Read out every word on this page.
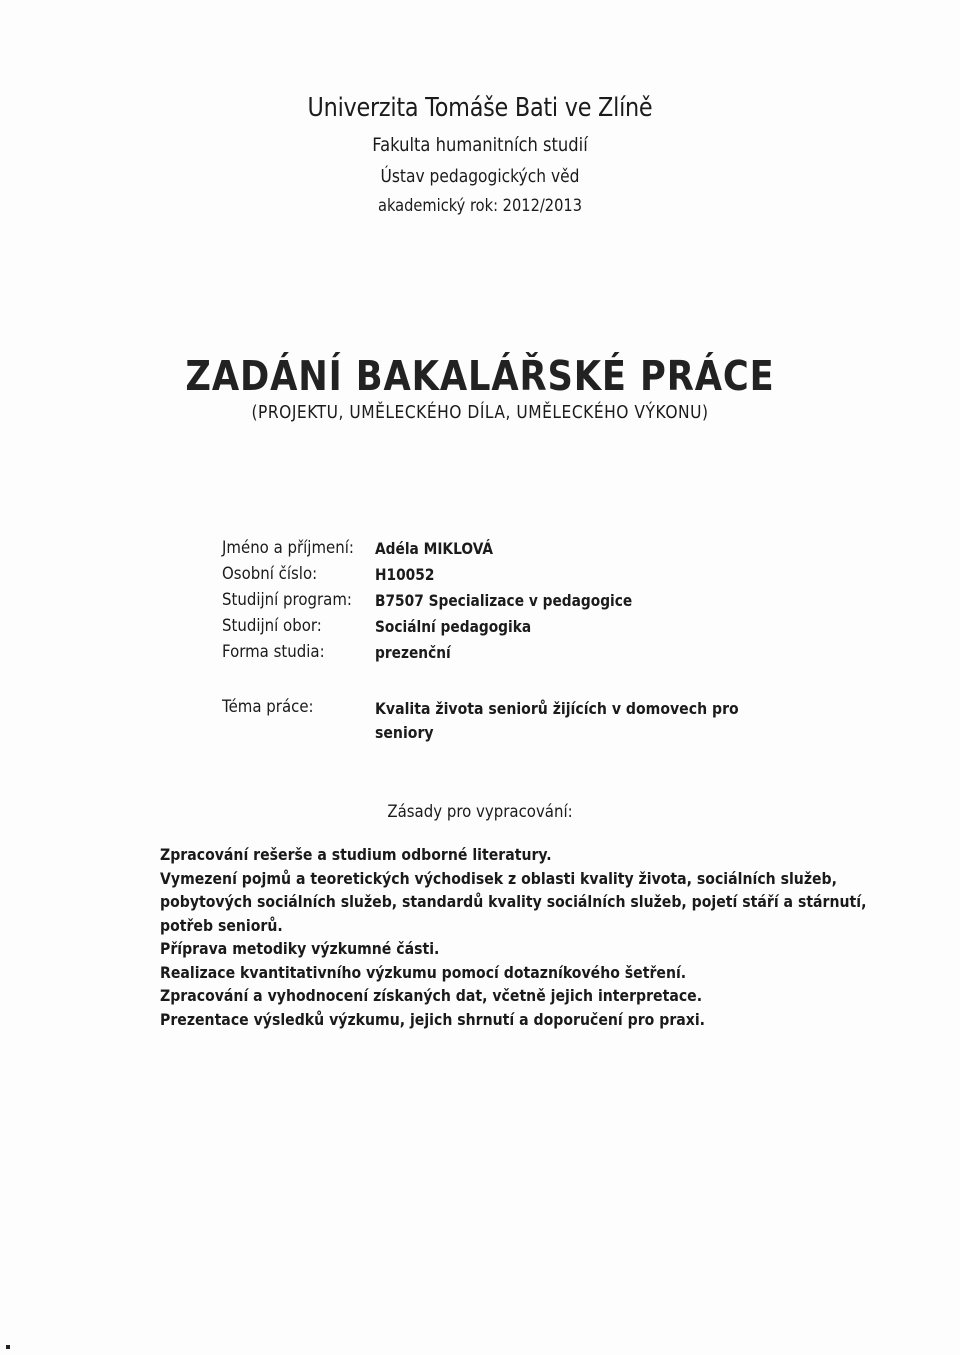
Univerzita Tomáše Bati ve Zlíně
Fakulta humanitních studií
Ústav pedagogických věd
akademický rok: 2012/2013
ZADÁNÍ BAKALÁŘSKÉ PRÁCE
(PROJEKTU, UMĚLECKÉHO DÍLA, UMĚLECKÉHO VÝKONU)
Jméno a příjmení: Adéla MIKLOVÁ
Osobní číslo:	H10052
Studijní program: B7507 Specializace v pedagogice
Studijní obor:	Sociální pedagogika
Forma studia:	prezenční
Téma práce:	Kvalita života seniorů žijících v domovech pro seniory
Zásady pro vypracování:

Zpracování rešerše a studium odborné literatury.

Vymezení pojmů a teoretických východisek z oblasti kvality života, sociálních služeb, pobytových sociálních služeb, standardů kvality sociálních služeb, pojetí stáří a stárnutí, potřeb seniorů.

Příprava metodiky výzkumné části.

Realizace kvantitativního výzkumu pomocí dotazníkového šetření.

Zpracování a vyhodnocení získaných dat, včetně jejich interpretace.

Prezentace výsledků výzkumu, jejich shrnutí a doporučení pro praxi.
